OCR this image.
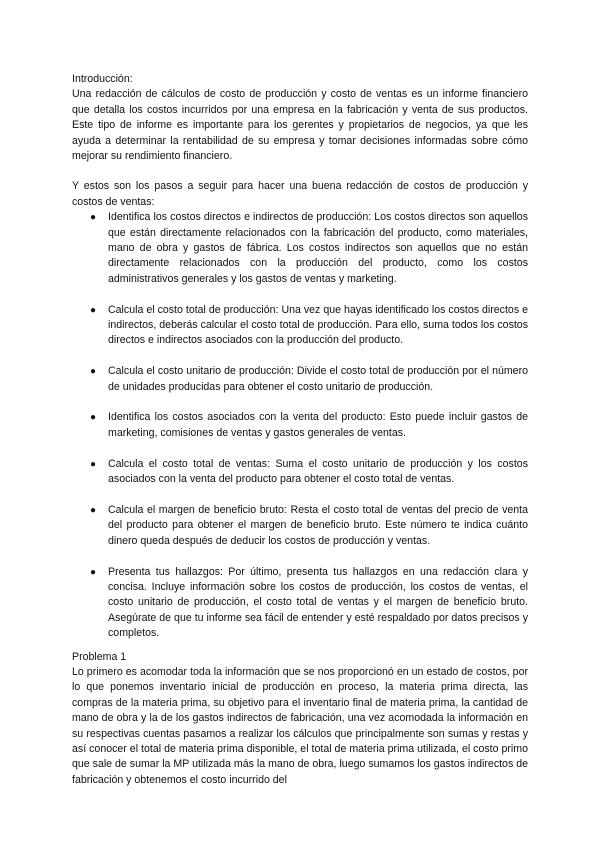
Introducción:

Una redacción de cálculos de costo de producción y costo de ventas es un informe financiero que detalla los costos incurridos por una empresa en la fabricación y venta de sus productos. Este tipo de informe es importante para los gerentes y propietarios de negocios, ya que les ayuda a determinar la rentabilidad de su empresa y tomar decisiones informadas sobre cómo mejorar su rendimiento financiero.

Y estos son los pasos a seguir para hacer una buena redacción de costos de producción y costos de ventas:

● Identifica los costos directos e indirectos de producción: Los costos directos son aquellos que están directamente relacionados con la fabricación del producto, como materiales, mano de obra y gastos de fábrica. Los costos indirectos son aquellos que no están directamente relacionados con la producción del producto, como los costos administrativos generales y los gastos de ventas y marketing.
● Calcula el costo total de producción: Una vez que hayas identificado los costos directos e indirectos, deberás calcular el costo total de producción. Para ello, suma todos los costos directos e indirectos asociados con la producción del producto.
● Calcula el costo unitario de producción: Divide el costo total de producción por el número de unidades producidas para obtener el costo unitario de producción.
● Identifica los costos asociados con la venta del producto: Esto puede incluir gastos de marketing, comisiones de ventas y gastos generales de ventas.
● Calcula el costo total de ventas: Suma el costo unitario de producción y los costos asociados con la venta del producto para obtener el costo total de ventas.
● Calcula el margen de beneficio bruto: Resta el costo total de ventas del precio de venta del producto para obtener el margen de beneficio bruto. Este número te indica cuánto dinero queda después de deducir los costos de producción y ventas.
● Presenta tus hallazgos: Por último, presenta tus hallazgos en una redacción clara y concisa. Incluye información sobre los costos de producción, los costos de ventas, el costo unitario de producción, el costo total de ventas y el margen de beneficio bruto. Asegúrate de que tu informe sea fácil de entender y esté respaldado por datos precisos y completos.
Problema 1

Lo primero es acomodar toda la información que se nos proporcionó en un estado de costos, por lo que ponemos inventario inicial de producción en proceso, la materia prima directa, las compras de la materia prima, su objetivo para el inventario final de materia prima, la cantidad de mano de obra y la de los gastos indirectos de fabricación, una vez acomodada la información en su respectivas cuentas pasamos a realizar los cálculos que principalmente son sumas y restas y así conocer el total de materia prima disponible, el total de materia prima utilizada, el costo primo que sale de sumar la MP utilizada más la mano de obra, luego sumamos los gastos indirectos de fabricación y obtenemos el costo incurrido del
